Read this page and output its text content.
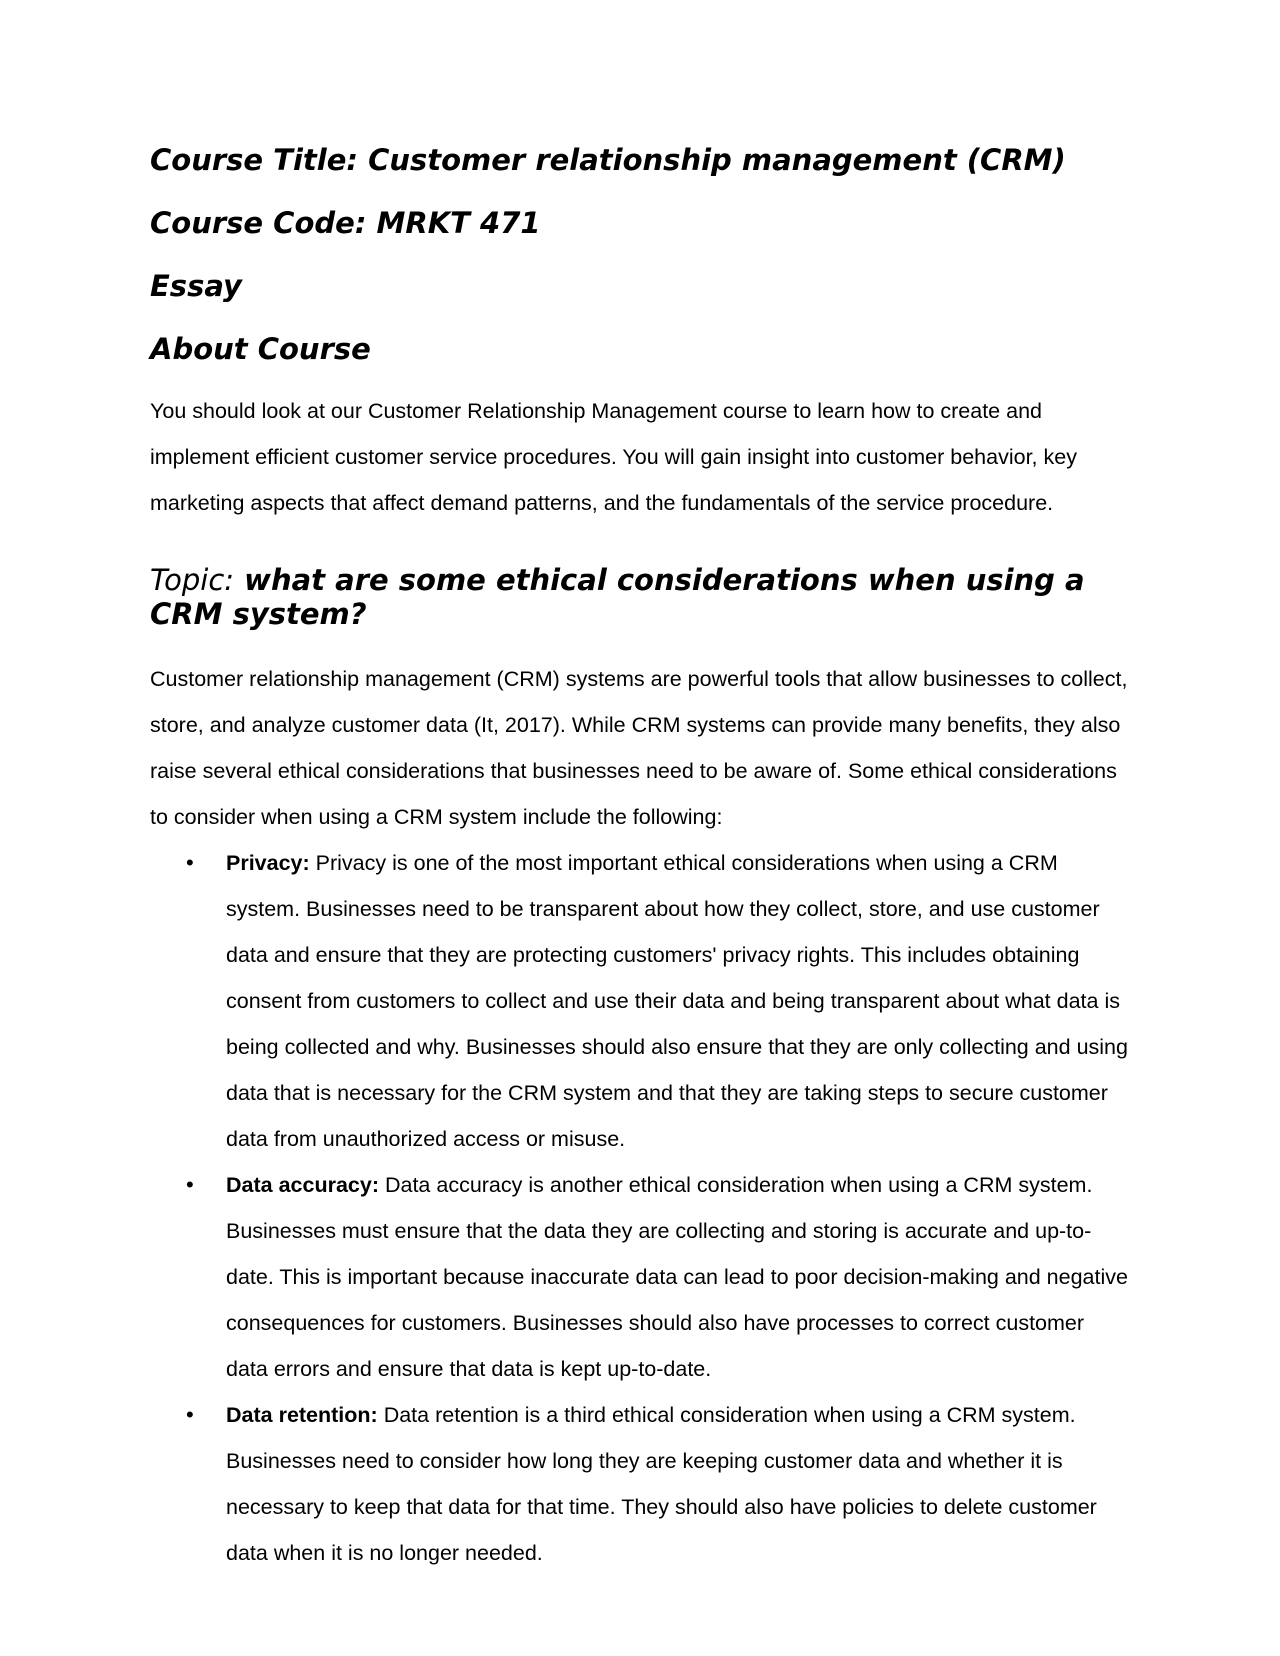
Course Title: Customer relationship management (CRM)
Course Code: MRKT 471
Essay
About Course

You should look at our Customer Relationship Management course to learn how to create and implement efficient customer service procedures. You will gain insight into customer behavior, key marketing aspects that affect demand patterns, and the fundamentals of the service procedure.

Topic: what are some ethical considerations when using a CRM system?

Customer relationship management (CRM) systems are powerful tools that allow businesses to collect, store, and analyze customer data (It, 2017). While CRM systems can provide many benefits, they also raise several ethical considerations that businesses need to be aware of. Some ethical considerations to consider when using a CRM system include the following:

• Privacy: Privacy is one of the most important ethical considerations when using a CRM system. Businesses need to be transparent about how they collect, store, and use customer data and ensure that they are protecting customers' privacy rights. This includes obtaining consent from customers to collect and use their data and being transparent about what data is being collected and why. Businesses should also ensure that they are only collecting and using data that is necessary for the CRM system and that they are taking steps to secure customer data from unauthorized access or misuse.
• Data accuracy: Data accuracy is another ethical consideration when using a CRM system. Businesses must ensure that the data they are collecting and storing is accurate and up-to-date. This is important because inaccurate data can lead to poor decision-making and negative consequences for customers. Businesses should also have processes to correct customer data errors and ensure that data is kept up-to-date.
• Data retention: Data retention is a third ethical consideration when using a CRM system. Businesses need to consider how long they are keeping customer data and whether it is necessary to keep that data for that time. They should also have policies to delete customer data when it is no longer needed.
